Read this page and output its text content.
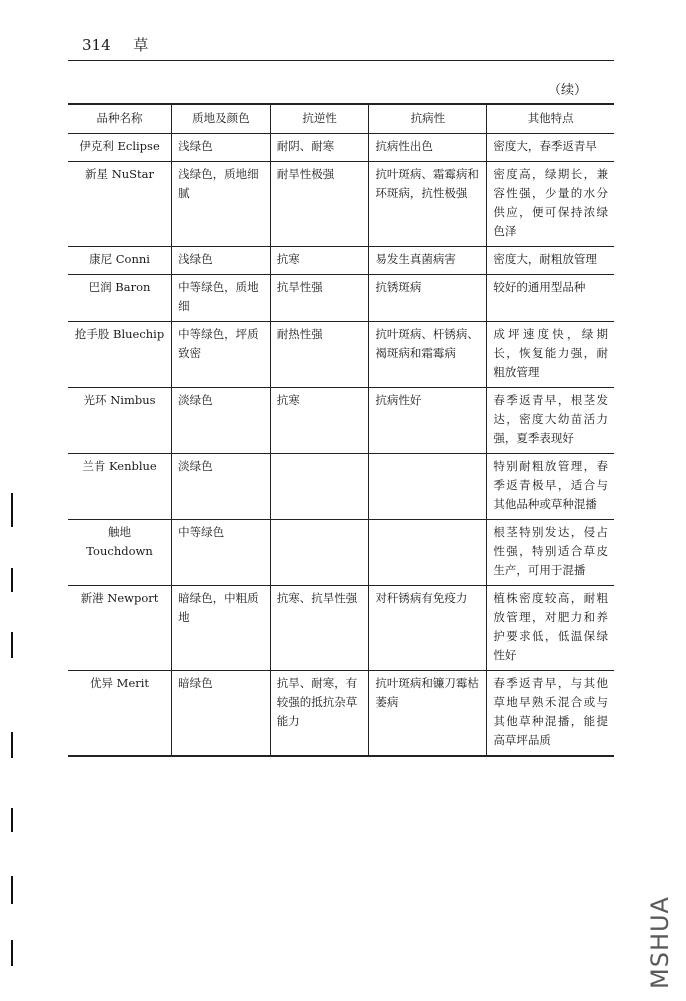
314 草
（续）
品种名称	质地及颜色	抗逆性	抗病性	其他特点
伊克利 Eclipse	浅绿色	耐阴、耐寒	抗病性出色	密度大，春季返青早
新星 NuStar	浅绿色，质地细腻	耐旱性极强	抗叶斑病、霜霉病和环斑病，抗性极强	密度高，绿期长，兼容性强，少量的水分供应，便可保持浓绿色泽
康尼 Conni	浅绿色	抗寒	易发生真菌病害	密度大，耐粗放管理
巴润 Baron	中等绿色，质地细	抗旱性强	抗锈斑病	较好的通用型品种
抢手股 Bluechip	中等绿色，坪质致密	耐热性强	抗叶斑病、杆锈病、褐斑病和霜霉病	成坪速度快，绿期长，恢复能力强，耐粗放管理
光环 Nimbus	淡绿色	抗寒	抗病性好	春季返青早，根茎发达，密度大幼苗活力强，夏季表现好
兰肯 Kenblue	淡绿色			特别耐粗放管理，春季返青极早，适合与其他品种或草种混播
触地 Touchdown	中等绿色			根茎特别发达，侵占性强，特别适合草皮生产，可用于混播
新港 Newport	暗绿色，中粗质地	抗寒、抗旱性强	对秆锈病有免疫力	植株密度较高，耐粗放管理，对肥力和养护要求低，低温保绿性好
优异 Merit	暗绿色	抗旱、耐寒，有较强的抵抗杂草能力	抗叶斑病和镰刀霉枯萎病	春季返青早，与其他草地早熟禾混合或与其他草种混播，能提高草坪品质
MSHUA
